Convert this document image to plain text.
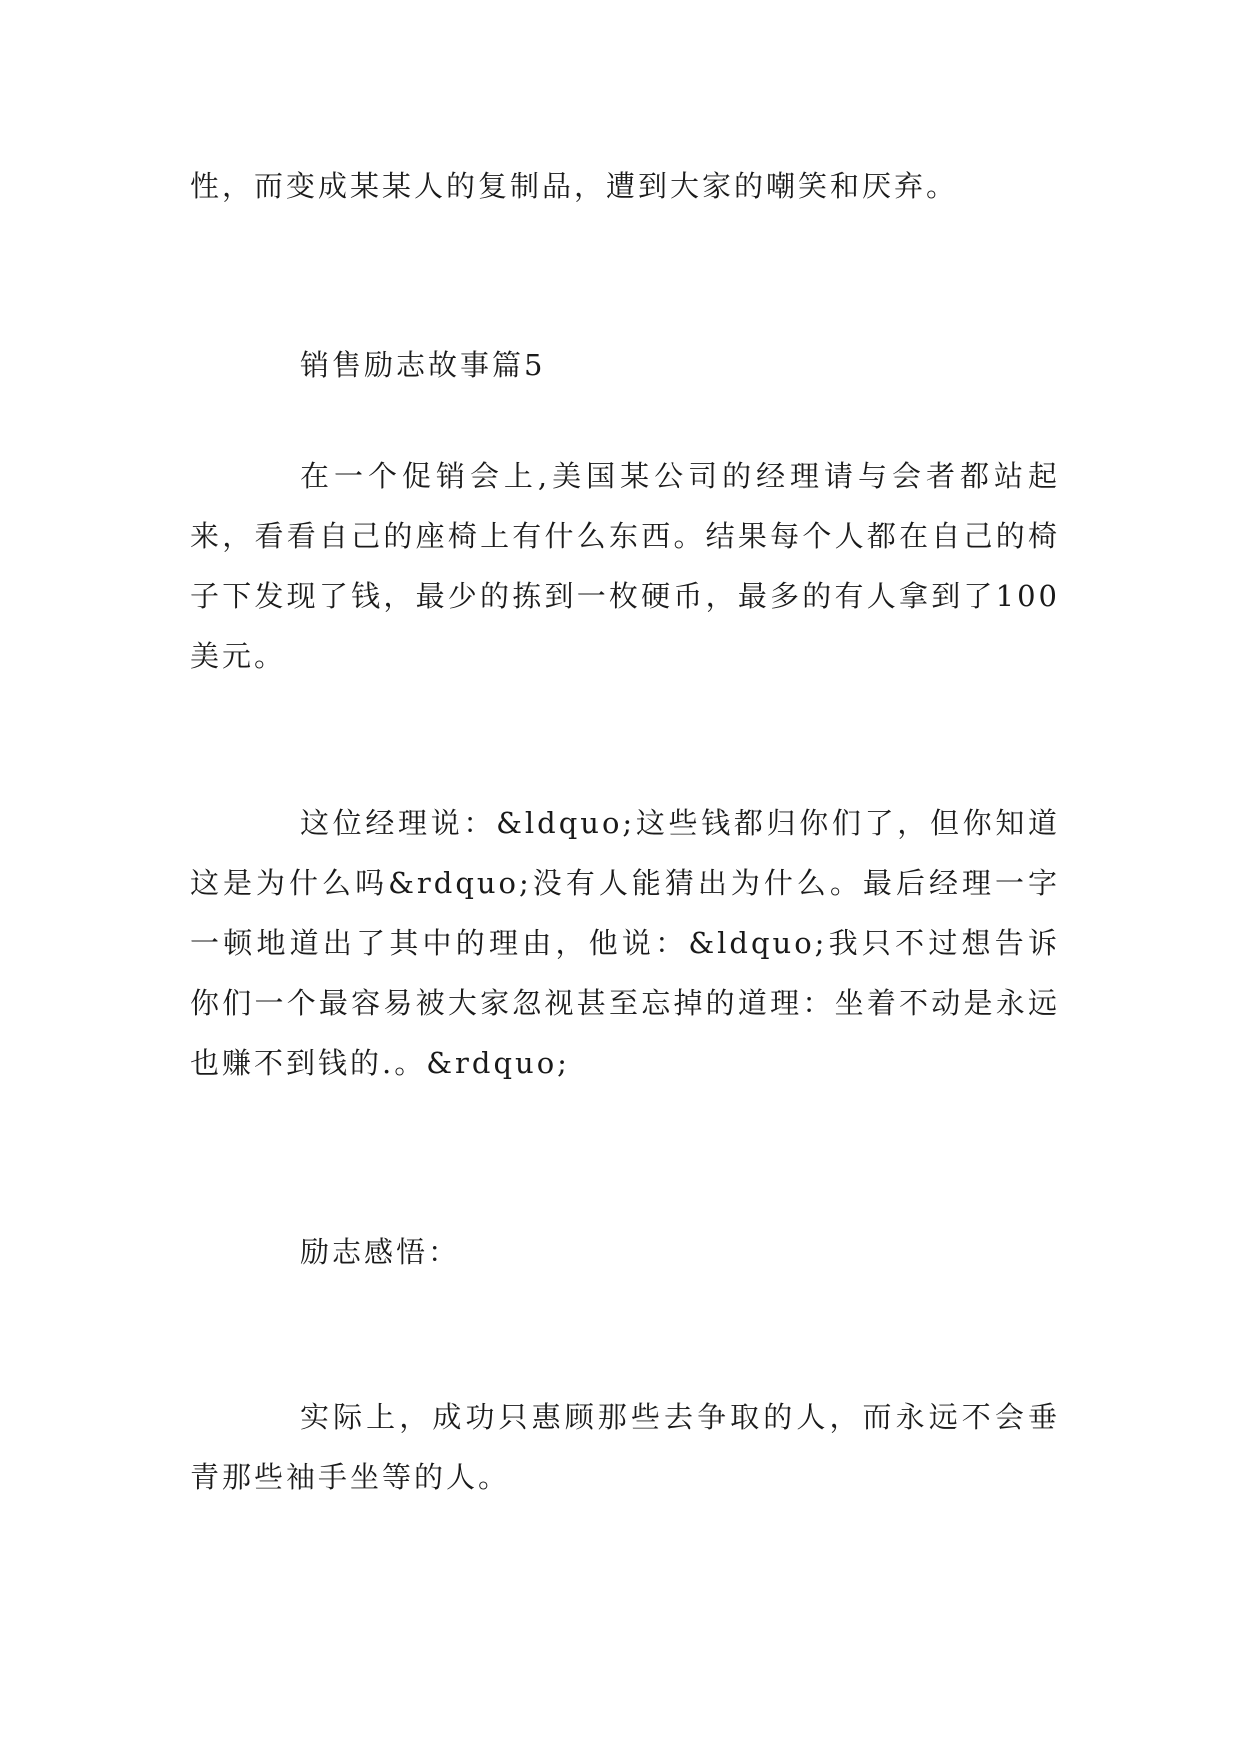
性，而变成某某人的复制品，遭到大家的嘲笑和厌弃。

销售励志故事篇5

在一个促销会上,美国某公司的经理请与会者都站起来，看看自己的座椅上有什么东西。结果每个人都在自己的椅子下发现了钱，最少的拣到一枚硬币，最多的有人拿到了100美元。

这位经理说：&ldquo;这些钱都归你们了，但你知道这是为什么吗&rdquo;没有人能猜出为什么。最后经理一字一顿地道出了其中的理由，他说：&ldquo;我只不过想告诉你们一个最容易被大家忽视甚至忘掉的道理：坐着不动是永远也赚不到钱的.。&rdquo;

励志感悟：

实际上，成功只惠顾那些去争取的人，而永远不会垂青那些袖手坐等的人。
